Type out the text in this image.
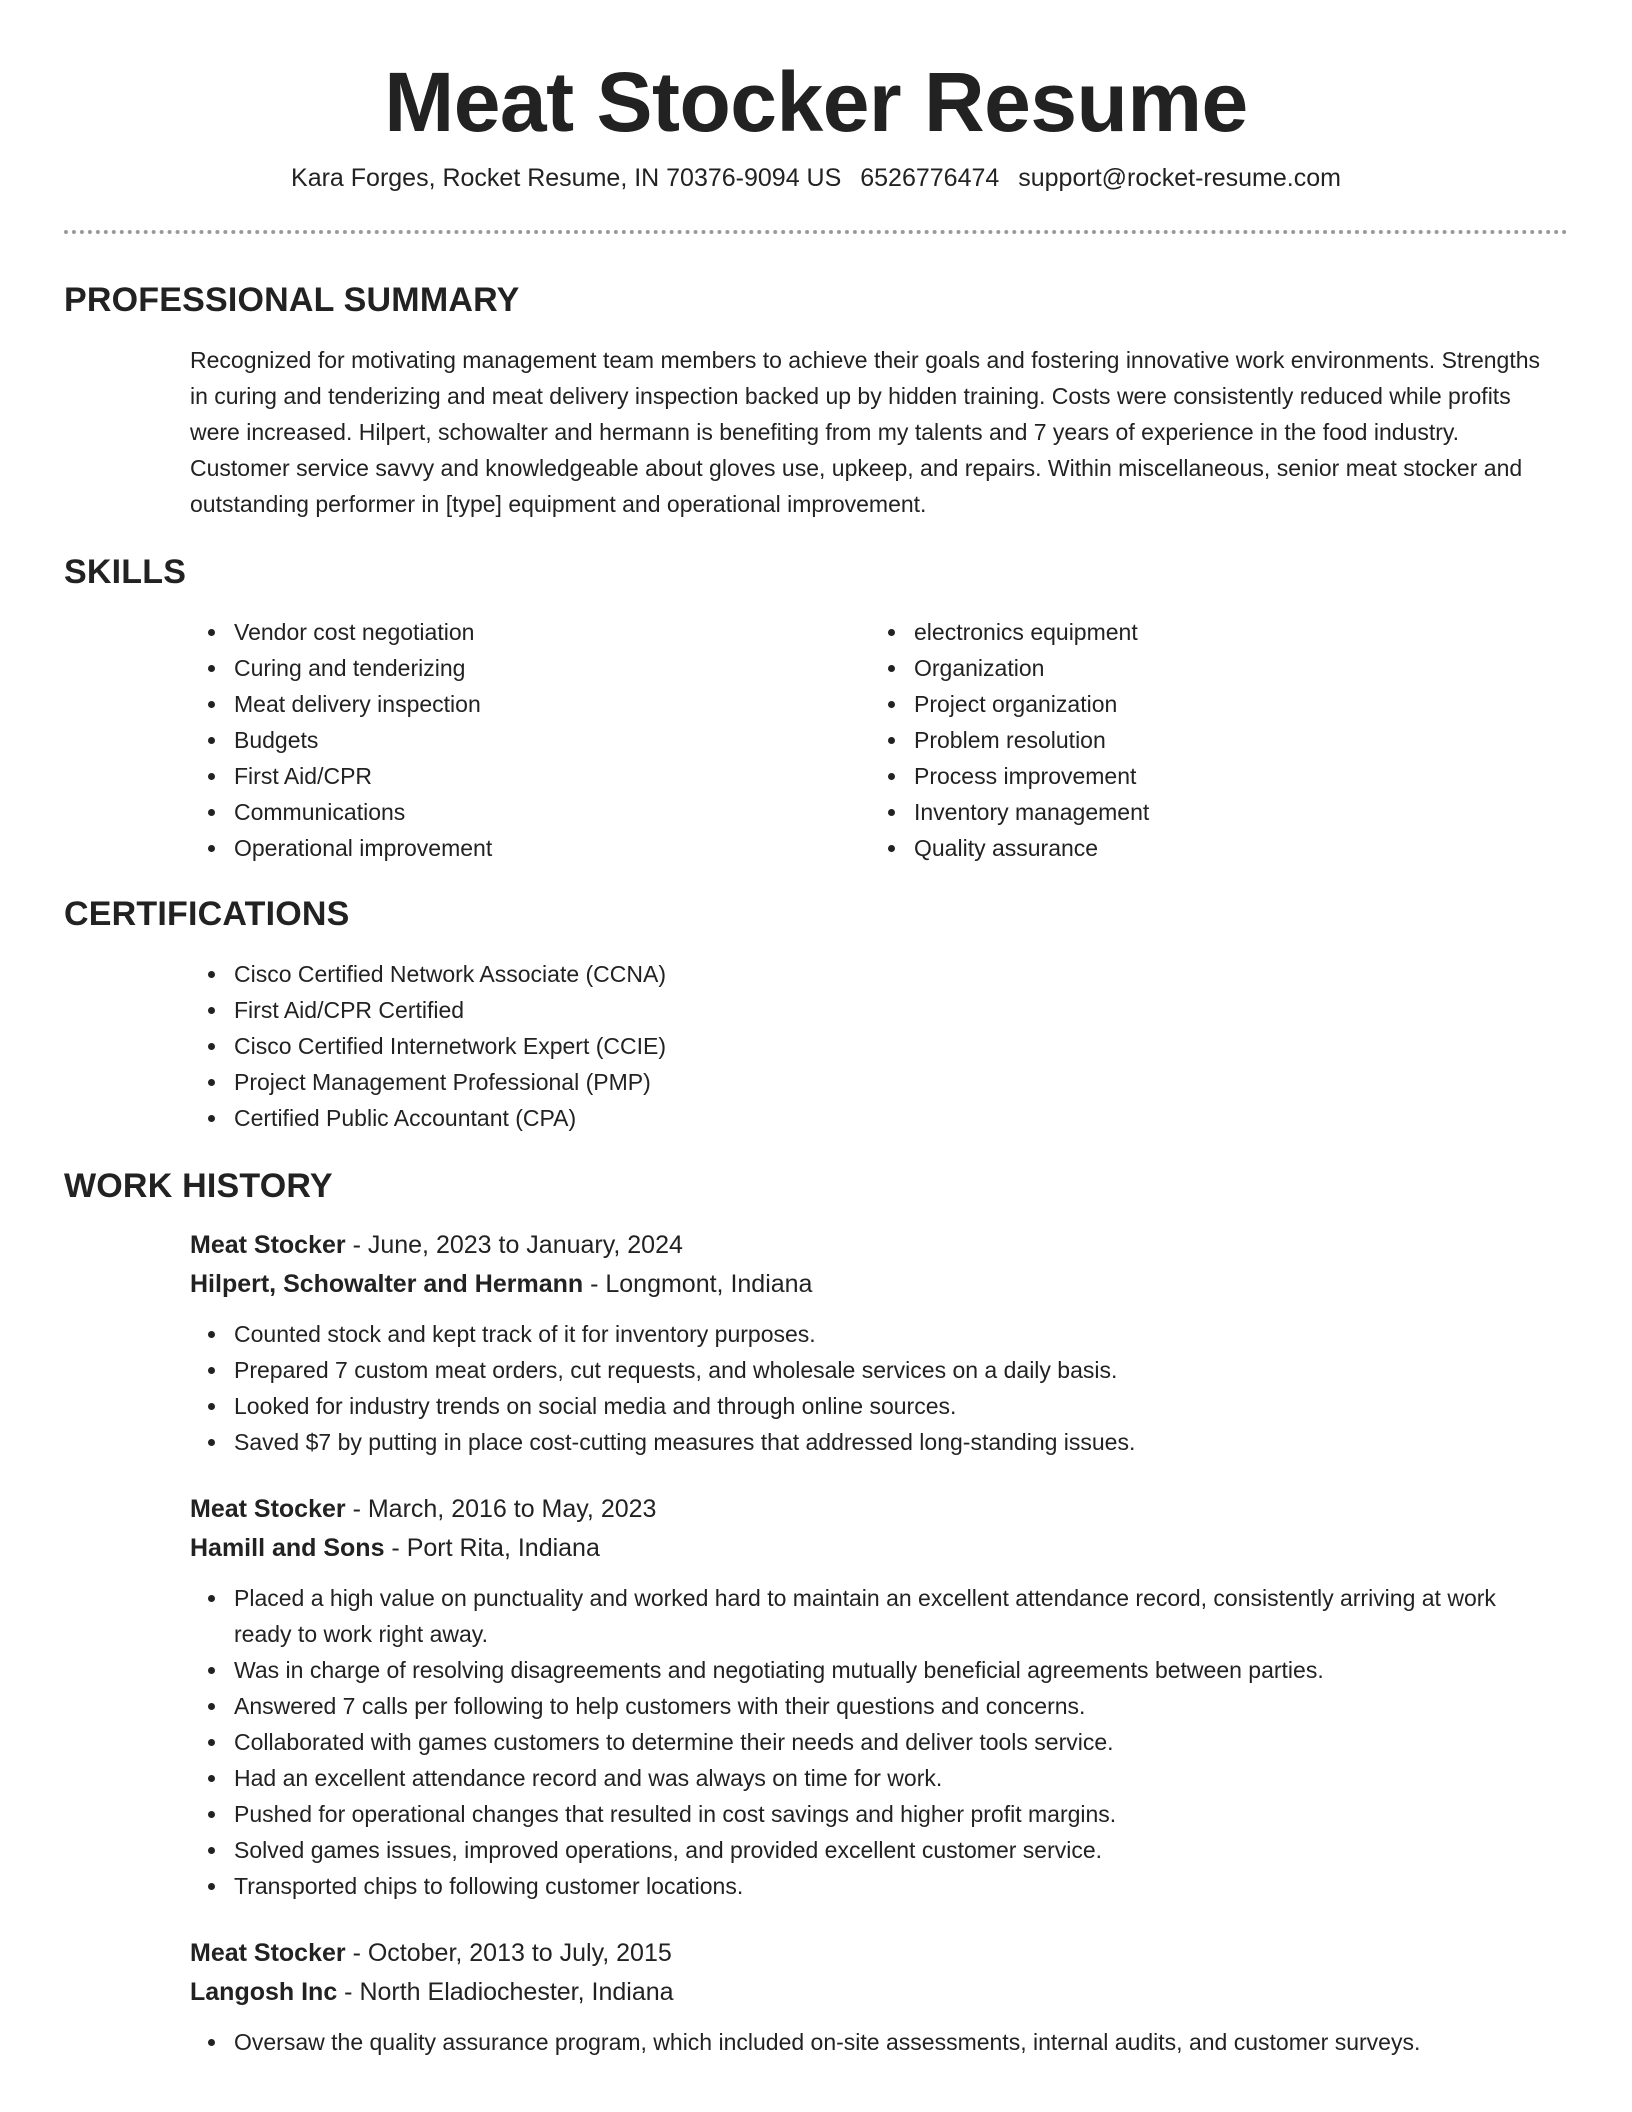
Meat Stocker Resume
Kara Forges, Rocket Resume, IN 70376-9094 US 6526776474 support@rocket-resume.com
PROFESSIONAL SUMMARY

Recognized for motivating management team members to achieve their goals and fostering innovative work environments. Strengths in curing and tenderizing and meat delivery inspection backed up by hidden training. Costs were consistently reduced while profits were increased. Hilpert, schowalter and hermann is benefiting from my talents and 7 years of experience in the food industry. Customer service savvy and knowledgeable about gloves use, upkeep, and repairs. Within miscellaneous, senior meat stocker and outstanding performer in [type] equipment and operational improvement.

SKILLS
Vendor cost negotiation
Curing and tenderizing
Meat delivery inspection
Budgets
First Aid/CPR
Communications
Operational improvement
electronics equipment
Organization
Project organization
Problem resolution
Process improvement
Inventory management
Quality assurance
CERTIFICATIONS
Cisco Certified Network Associate (CCNA)
First Aid/CPR Certified
Cisco Certified Internetwork Expert (CCIE)
Project Management Professional (PMP)
Certified Public Accountant (CPA)
WORK HISTORY
Meat Stocker - June, 2023 to January, 2024
Hilpert, Schowalter and Hermann - Longmont, Indiana
Counted stock and kept track of it for inventory purposes.
Prepared 7 custom meat orders, cut requests, and wholesale services on a daily basis.
Looked for industry trends on social media and through online sources.
Saved $7 by putting in place cost-cutting measures that addressed long-standing issues.
Meat Stocker - March, 2016 to May, 2023
Hamill and Sons - Port Rita, Indiana
Placed a high value on punctuality and worked hard to maintain an excellent attendance record, consistently arriving at work ready to work right away.
Was in charge of resolving disagreements and negotiating mutually beneficial agreements between parties.
Answered 7 calls per following to help customers with their questions and concerns.
Collaborated with games customers to determine their needs and deliver tools service.
Had an excellent attendance record and was always on time for work.
Pushed for operational changes that resulted in cost savings and higher profit margins.
Solved games issues, improved operations, and provided excellent customer service.
Transported chips to following customer locations.
Meat Stocker - October, 2013 to July, 2015
Langosh Inc - North Eladiochester, Indiana
Oversaw the quality assurance program, which included on-site assessments, internal audits, and customer surveys.
